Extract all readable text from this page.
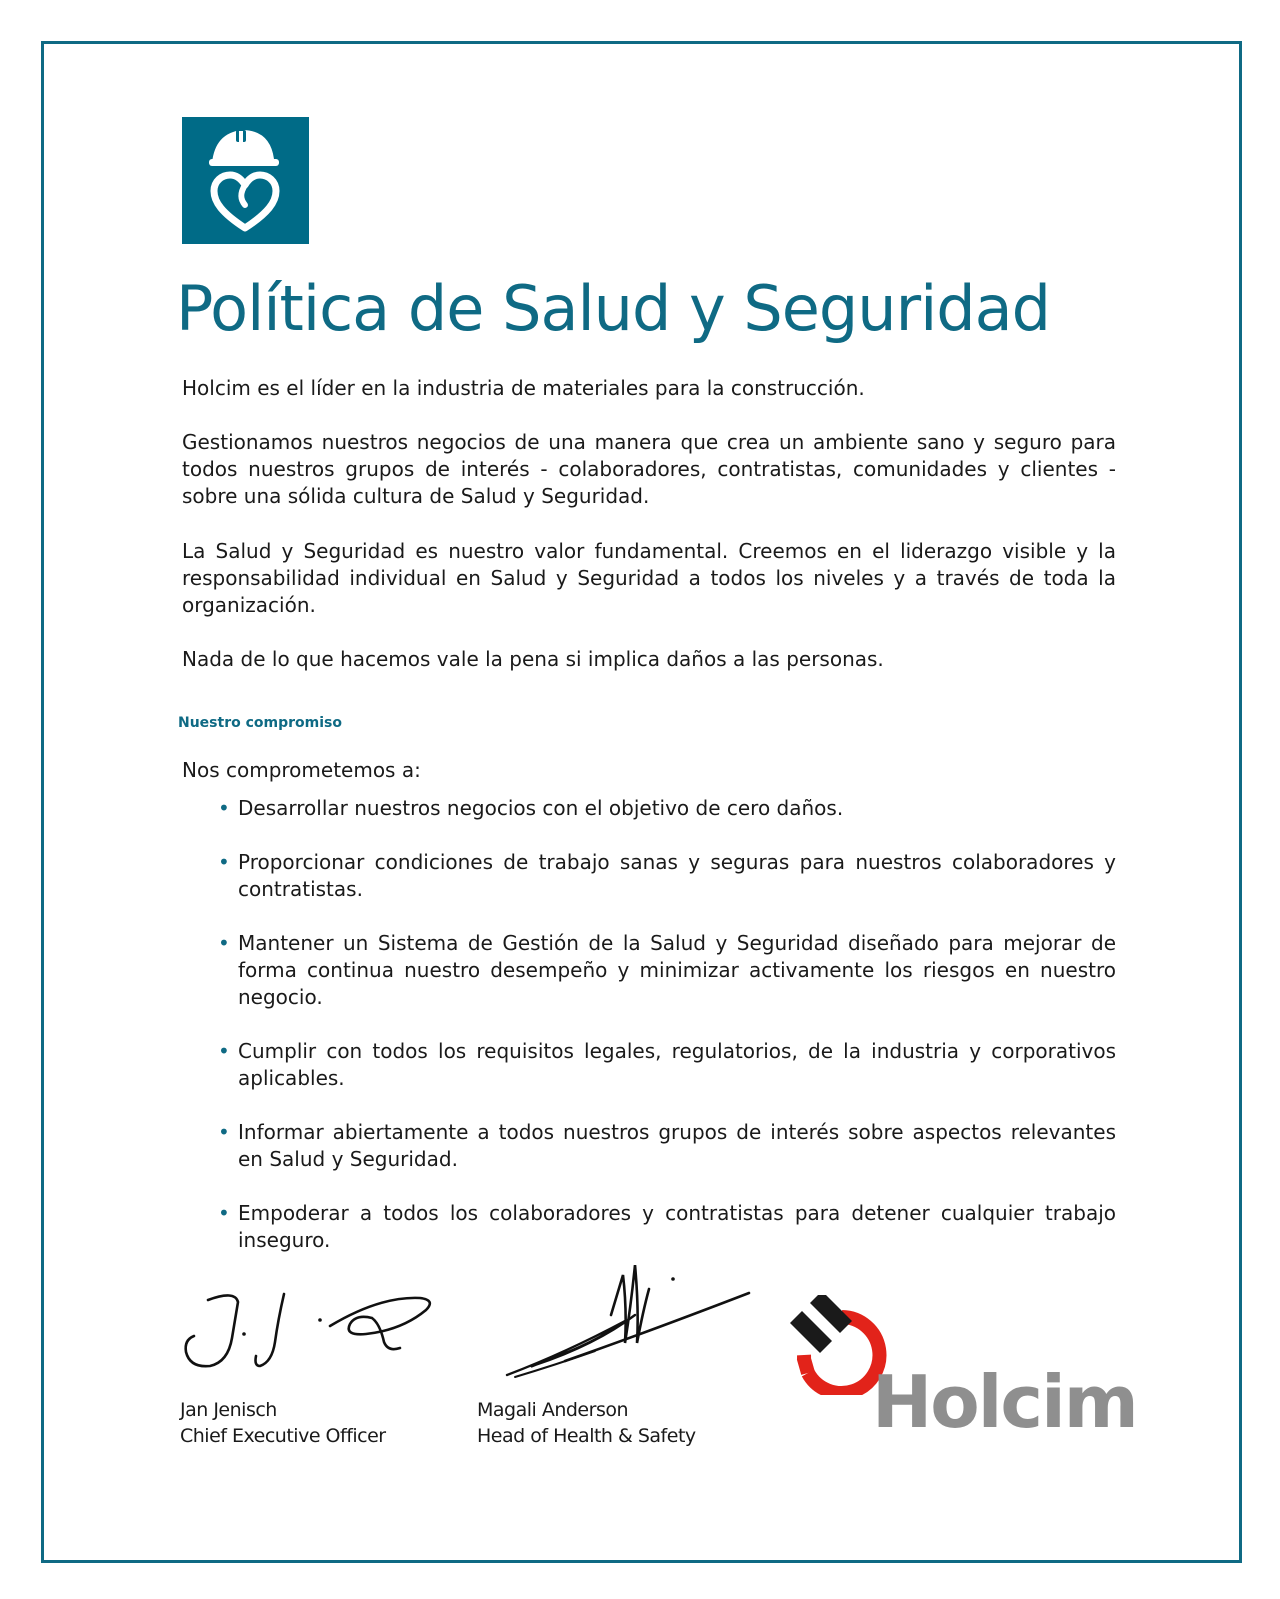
Política de Salud y Seguridad

Holcim es el líder en la industria de materiales para la construcción.

Gestionamos nuestros negocios de una manera que crea un ambiente sano y seguro para todos nuestros grupos de interés - colaboradores, contratistas, comunidades y clientes - sobre una sólida cultura de Salud y Seguridad.

La Salud y Seguridad es nuestro valor fundamental. Creemos en el liderazgo visible y la responsabilidad individual en Salud y Seguridad a todos los niveles y a través de toda la organización.

Nada de lo que hacemos vale la pena si implica daños a las personas.

Nuestro compromiso

Nos comprometemos a:

• Desarrollar nuestros negocios con el objetivo de cero daños.
• Proporcionar condiciones de trabajo sanas y seguras para nuestros colaboradores y contratistas.
• Mantener un Sistema de Gestión de la Salud y Seguridad diseñado para mejorar de forma continua nuestro desempeño y minimizar activamente los riesgos en nuestro negocio.
• Cumplir con todos los requisitos legales, regulatorios, de la industria y corporativos aplicables.
• Informar abiertamente a todos nuestros grupos de interés sobre aspectos relevantes en Salud y Seguridad.
• Empoderar a todos los colaboradores y contratistas para detener cualquier trabajo inseguro.
Jan Jenisch
Chief Executive Officer
Magali Anderson
Head of Health & Safety Holcim
